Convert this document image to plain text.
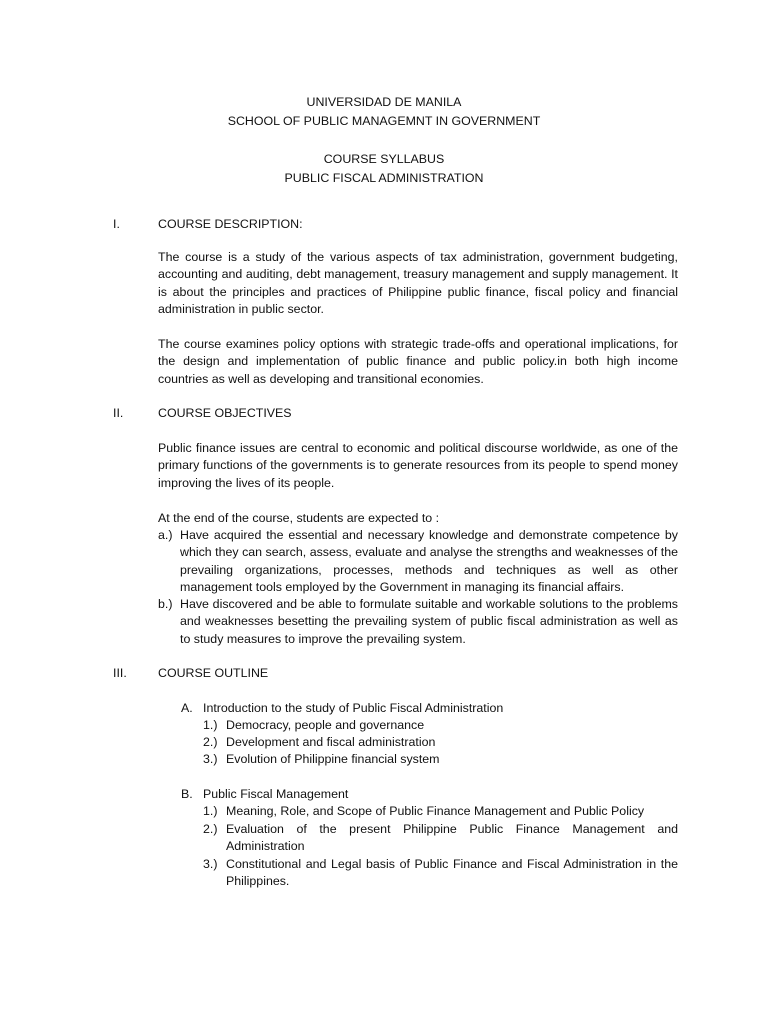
UNIVERSIDAD DE MANILA
SCHOOL OF PUBLIC MANAGEMNT IN GOVERNMENT
COURSE SYLLABUS
PUBLIC FISCAL ADMINISTRATION
I.	COURSE DESCRIPTION:

The course is a study of the various aspects of tax administration, government budgeting, accounting and auditing, debt management, treasury management and supply management. It is about the principles and practices of Philippine public finance, fiscal policy and financial administration in public sector.

The course examines policy options with strategic trade-offs and operational implications, for the design and implementation of public finance and public policy.in both high income countries as well as developing and transitional economies.

II.	COURSE OBJECTIVES

Public finance issues are central to economic and political discourse worldwide, as one of the primary functions of the governments is to generate resources from its people to spend money improving the lives of its people.

At the end of the course, students are expected to :

a.) Have acquired the essential and necessary knowledge and demonstrate competence by which they can search, assess, evaluate and analyse the strengths and weaknesses of the prevailing organizations, processes, methods and techniques as well as other management tools employed by the Government in managing its financial affairs.
b.) Have discovered and be able to formulate suitable and workable solutions to the problems and weaknesses besetting the prevailing system of public fiscal administration as well as to study measures to improve the prevailing system.
III.	COURSE OUTLINE
A. Introduction to the study of Public Fiscal Administration
1.) Democracy, people and governance
2.) Development and fiscal administration
3.) Evolution of Philippine financial system
B. Public Fiscal Management
1.) Meaning, Role, and Scope of Public Finance Management and Public Policy
2.) Evaluation of the present Philippine Public Finance Management and Administration
3.) Constitutional and Legal basis of Public Finance and Fiscal Administration in the Philippines.
